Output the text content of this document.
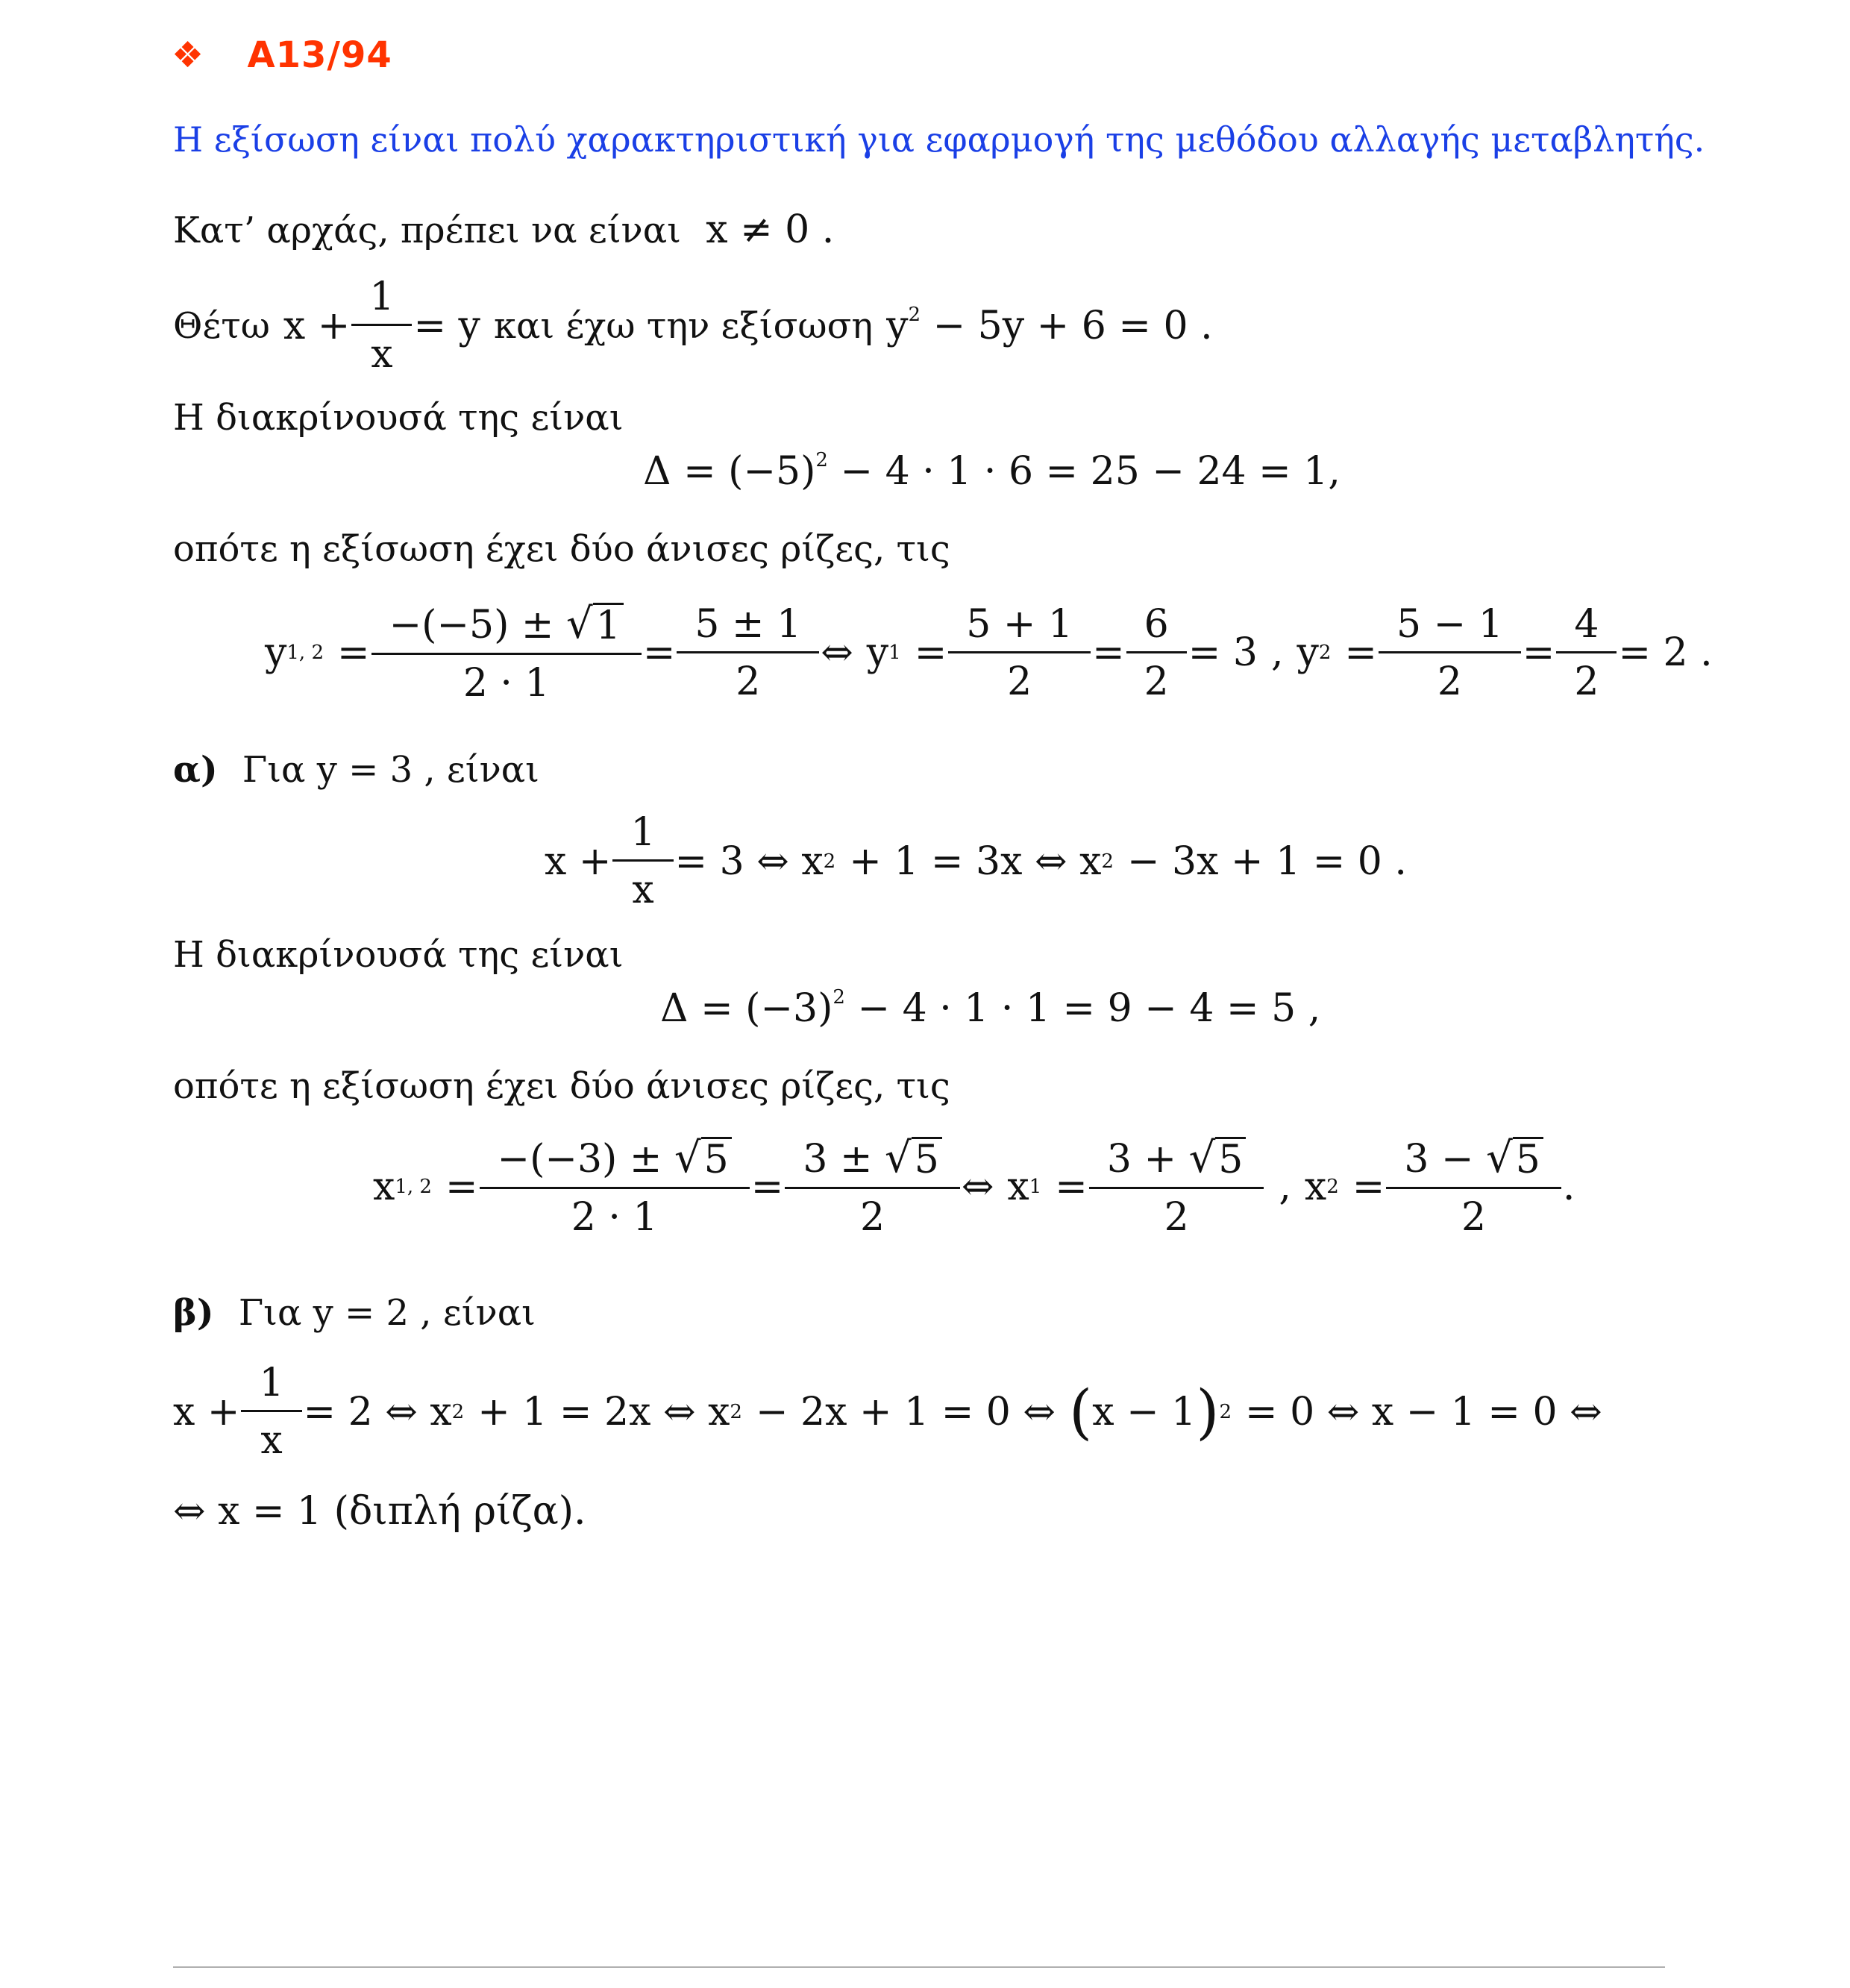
❖ A13/94
Η εξίσωση είναι πολύ χαρακτηριστική για εφαρμογή της μεθόδου αλλαγής μεταβλητής.
Κατ’ αρχάς, πρέπει να είναι x ≠ 0 .
Θέτω $x + \frac{1}{x} = y$ και έχω την εξίσωση $y^2 - 5y + 6 = 0$ .
Η διακρίνουσά της είναι
$\Delta = (-5)^2 - 4 \cdot 1 \cdot 6 = 25 - 24 = 1$,
οπότε η εξίσωση έχει δύο άνισες ρίζες, τις
y 1, $2 = \frac{-(-5) \pm √ 1}{2 \cdot 1} = \frac{5 \pm 1}{2}$ ⇔ y $1 = \frac{5 + 1}{2} = \frac{6}{2} = 3$ , y $2 = \frac{5 - 1}{2} = \frac{4}{2} = 2$ .
α) Για y = 3 , είναι
$x + \frac{1}{x} = 3$ ⇔ x 2 + 1 = 3x ⇔ x 2 − 3x + 1 = 0 .
Η διακρίνουσά της είναι
$\Delta = (-3)^2 - 4 \cdot 1 \cdot 1 = 9 - 4 = 5$ ,
οπότε η εξίσωση έχει δύο άνισες ρίζες, τις
x 1, $2 = \frac{-(-3) \pm √ 5}{2 \cdot 1} = \frac{3 \pm √ 5}{2}$ ⇔ x $1 = \frac{3 + √ 5}{2}$ , x $2 = \frac{3 - √ 5}{2}$ .
β) Για y = 2 , είναι
$x + \frac{1}{x} = 2$ ⇔ x 2 + 1 = 2x ⇔ x 2 − 2x + 1 = 0 ⇔ ( x − 1 ) 2 = 0 ⇔ x − 1 = 0 ⇔
⇔ x = 1 (διπλή ρίζα).
